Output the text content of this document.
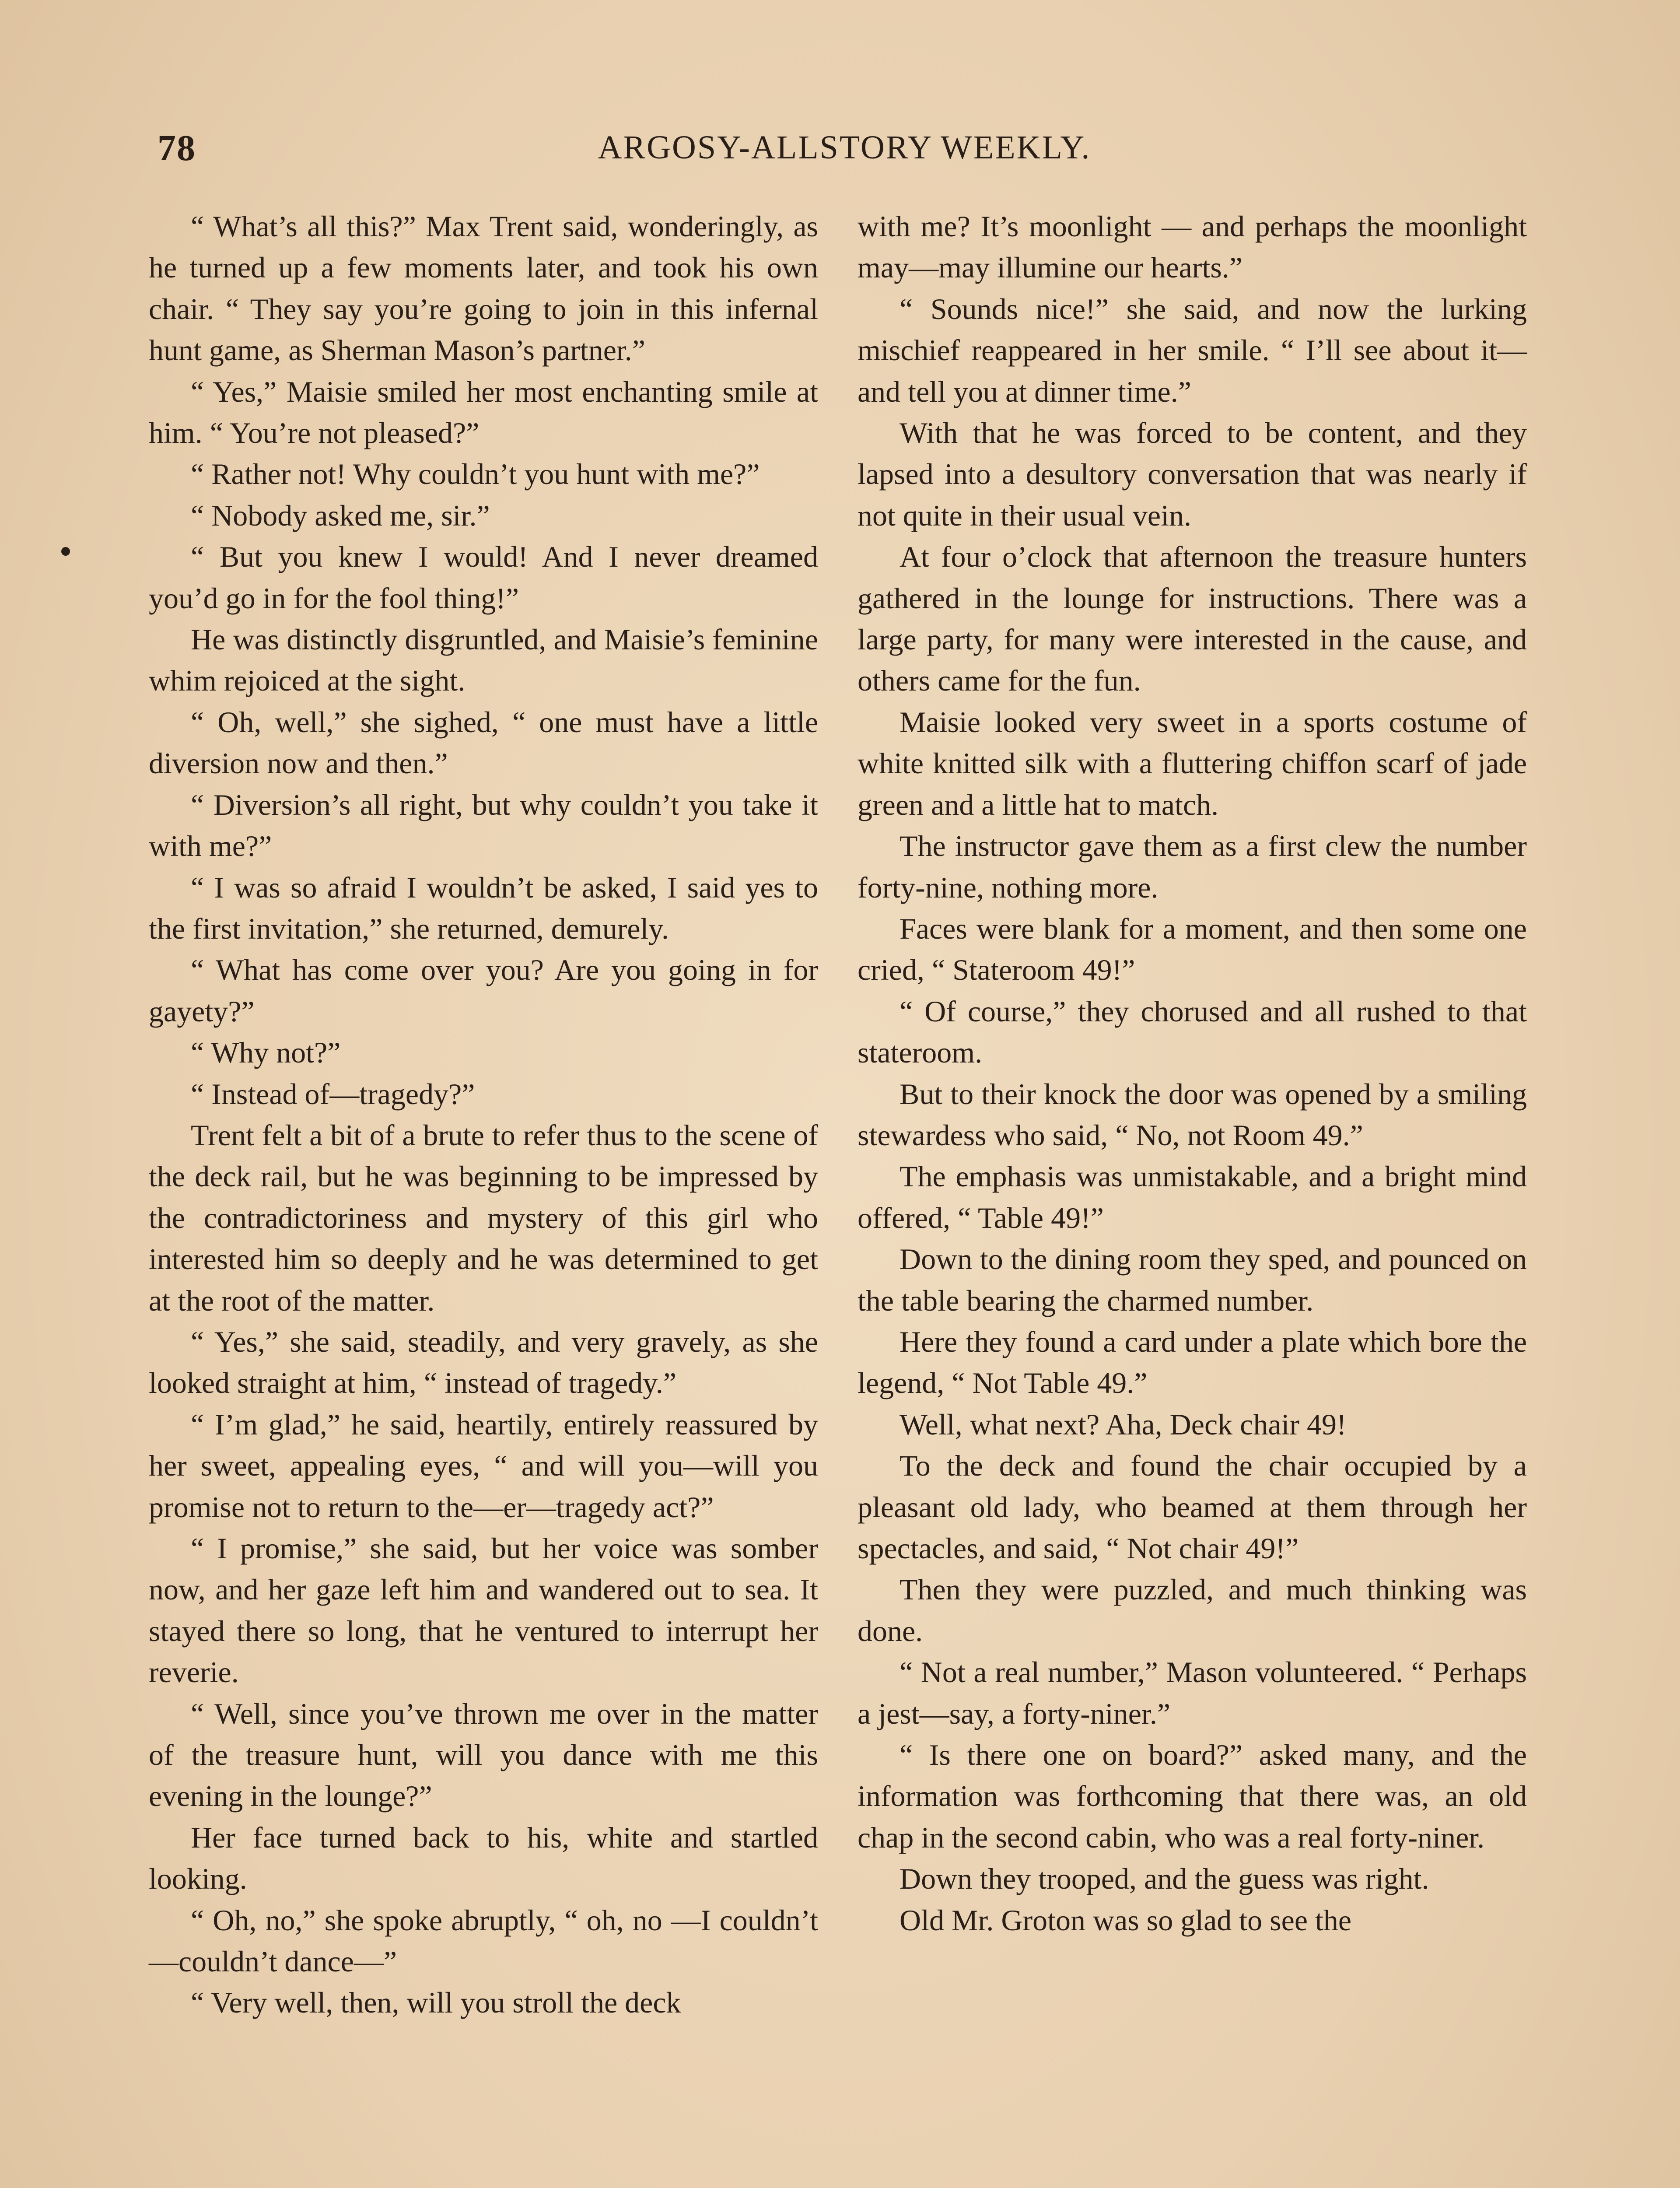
78	ARGOSY-ALLSTORY WEEKLY.

“ What’s all this?” Max Trent said, wonderingly, as he turned up a few moments later, and took his own chair. “ They say you’re going to join in this infernal hunt game, as Sherman Mason’s partner.”

“ Yes,” Maisie smiled her most enchanting smile at him. “ You’re not pleased?”

“ Rather not! Why couldn’t you hunt with me?”

“ Nobody asked me, sir.”

“ But you knew I would! And I never dreamed you’d go in for the fool thing!”

He was distinctly disgruntled, and Maisie’s feminine whim rejoiced at the sight.

“ Oh, well,” she sighed, “ one must have a little diversion now and then.”

“ Diversion’s all right, but why couldn’t you take it with me?”

“ I was so afraid I wouldn’t be asked, I said yes to the first invitation,” she returned, demurely.

“ What has come over you? Are you going in for gayety?”

“ Why not?”

“ Instead of—tragedy?”

Trent felt a bit of a brute to refer thus to the scene of the deck rail, but he was beginning to be impressed by the contradictoriness and mystery of this girl who interested him so deeply and he was determined to get at the root of the matter.

“ Yes,” she said, steadily, and very gravely, as she looked straight at him, “ instead of tragedy.”

“ I’m glad,” he said, heartily, entirely reassured by her sweet, appealing eyes, “ and will you—will you promise not to return to the—er—tragedy act?”

“ I promise,” she said, but her voice was somber now, and her gaze left him and wandered out to sea. It stayed there so long, that he ventured to interrupt her reverie.

“ Well, since you’ve thrown me over in the matter of the treasure hunt, will you dance with me this evening in the lounge?”

Her face turned back to his, white and startled looking.

“ Oh, no,” she spoke abruptly, “ oh, no —I couldn’t—couldn’t dance—”

“ Very well, then, will you stroll the deck

with me? It’s moonlight — and perhaps the moonlight may—may illumine our hearts.”

“ Sounds nice!” she said, and now the lurking mischief reappeared in her smile. “ I’ll see about it—and tell you at dinner time.”

With that he was forced to be content, and they lapsed into a desultory conversation that was nearly if not quite in their usual vein.

At four o’clock that afternoon the treasure hunters gathered in the lounge for instructions. There was a large party, for many were interested in the cause, and others came for the fun.

Maisie looked very sweet in a sports costume of white knitted silk with a fluttering chiffon scarf of jade green and a little hat to match.

The instructor gave them as a first clew the number forty-nine, nothing more.

Faces were blank for a moment, and then some one cried, “ Stateroom 49!”

“ Of course,” they chorused and all rushed to that stateroom.

But to their knock the door was opened by a smiling stewardess who said, “ No, not Room 49.”

The emphasis was unmistakable, and a bright mind offered, “ Table 49!”

Down to the dining room they sped, and pounced on the table bearing the charmed number.

Here they found a card under a plate which bore the legend, “ Not Table 49.”

Well, what next? Aha, Deck chair 49!

To the deck and found the chair occupied by a pleasant old lady, who beamed at them through her spectacles, and said, “ Not chair 49!”

Then they were puzzled, and much thinking was done.

“ Not a real number,” Mason volunteered. “ Perhaps a jest—say, a forty-niner.”

“ Is there one on board?” asked many, and the information was forthcoming that there was, an old chap in the second cabin, who was a real forty-niner.

Down they trooped, and the guess was right.

Old Mr. Groton was so glad to see the
